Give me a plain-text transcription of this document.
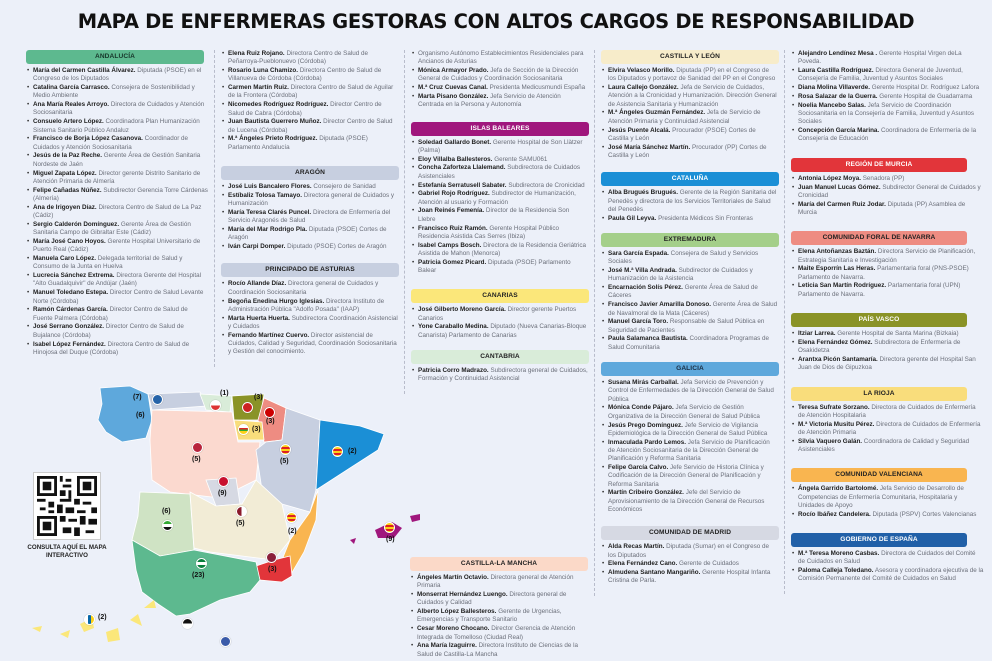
MAPA DE ENFERMERAS GESTORAS CON ALTOS CARGOS DE RESPONSABILIDAD
ANDALUCÍA
• María del Carmen Castilla Álvarez. Diputada (PSOE) en el Congreso de los Diputados
• Catalina García Carrasco. Consejera de Sostenibilidad y Medio Ambiente
• Ana María Reales Arroyo. Directora de Cuidados y Atención Sociosanitaria
• Consuelo Artero López. Coordinadora Plan Humanización Sistema Sanitario Público Andaluz
• Francisco de Borja López Casanova. Coordinador de Cuidados y Atención Sociosanitaria
• Jesús de la Paz Reche. Gerente Área de Gestión Sanitaria Nordeste de Jaén
• Miguel Zapata López. Director gerente Distrito Sanitario de Atención Primaria de Almería
• Felipe Cañadas Núñez. Subdirector Gerencia Torre Cárdenas (Almería)
• Ana de Irigoyen Díaz. Directora Centro de Salud de La Paz (Cádiz)
• Sergio Calderón Domínguez. Gerente Área de Gestión Sanitaria Campo de Gibraltar Este (Cádiz)
• María José Cano Hoyos. Gerente Hospital Universitario de Puerto Real (Cádiz)
• Manuela Caro López. Delegada territorial de Salud y Consumo de la Junta en Huelva
• Lucrecia Sánchez Extrema. Directora Gerente del Hospital "Alto Guadalquivir" de Andújar (Jaén)
• Manuel Toledano Estepa. Director Centro de Salud Levante Norte (Córdoba)
• Ramón Cárdenas García. Director Centro de Salud de Fuente Palmera (Córdoba)
• José Serrano González. Director Centro de Salud de Bujalance (Córdoba)
• Isabel López Fernández. Directora Centro de Salud de Hinojosa del Duque (Córdoba)
• Elena Ruiz Rojano. Directora Centro de Salud de Peñarroya-Pueblonuevo (Córdoba)
• Rosario Luna Chamizo. Directora Centro de Salud de Villanueva de Córdoba (Córdoba)
• Carmen Martín Ruiz. Directora Centro de Salud de Aguilar de la Frontera (Córdoba)
• Nicomedes Rodríguez Rodríguez. Director Centro de Salud de Cabra (Córdoba)
• Juan Bautista Guerrero Muñoz. Director Centro de Salud de Lucena (Córdoba)
• M.ª Ángeles Prieto Rodríguez. Diputada (PSOE) Parlamento Andalucía
ARAGÓN
• José Luis Bancalero Flores. Consejero de Sanidad
• Estíbaliz Tolosa Tamayo. Directora general de Cuidados y Humanización
• María Teresa Clarés Puncel. Directora de Enfermería del Servicio Aragonés de Salud
• María del Mar Rodrigo Pla. Diputada (PSOE) Cortes de Aragón
• Iván Carpi Domper. Diputado (PSOE) Cortes de Aragón
PRINCIPADO DE ASTURIAS
• Rocío Allande Díaz. Directora general de Cuidados y Coordinación Sociosanitaria
• Begoña Enedina Hurgo Iglesias. Directora Instituto de Administración Pública "Adolfo Posada" (IAAP)
• Marta Huerta Huerta. Subdirectora Coordinación Asistencial y Cuidados
• Fernando Martínez Cuervo. Director asistencial de Cuidados, Calidad y Seguridad, Coordinación Sociosanitaria y Gestión del conocimiento.
• Organismo Autónomo Establecimientos Residenciales para Ancianos de Asturias
• Mónica Armayor Prado. Jefa de Sección de la Dirección General de Cuidados y Coordinación Sociosanitaria
• M.ª Cruz Cuevas Canal. Presidenta Medicusmundi España
• Marta Pisano González. Jefa Servicio de Atención Centrada en la Persona y Autonomía
ISLAS BALEARES
• Soledad Gallardo Bonet. Gerente Hospital de Son Llàtzer (Palma)
• Eloy Villalba Ballesteros. Gerente SAMU061
• Concha Zaforteza Llalemand. Subdirectora de Cuidados Asistenciales
• Estefanía Serratusell Sabater. Subdirectora de Cronicidad
• Gabriel Rojo Rodríguez. Subdirector de Humanización, Atención al usuario y Formación
• Joan Reinés Femenía. Director de la Residencia Son Llebre
• Francisco Ruiz Ramón. Gerente Hospital Público Residencia Asistida Cas Serres (Ibiza)
• Isabel Camps Bosch. Directora de la Residencia Geriátrica Asistida de Mahon (Menorca)
• Patricia Gomez Picard. Diputada (PSOE) Parlamento Balear
CANARIAS
• José Gilberto Moreno García. Director gerente Puertos Canarios
• Yone Caraballo Medina. Diputado (Nueva Canarias-Bloque Canarista) Parlamento de Canarias
CANTABRIA
• Patricia Corro Madrazo. Subdirectora general de Cuidados, Formación y Continuidad Asistencial
CASTILLA-LA MANCHA
• Ángeles Martín Octavio. Directora general de Atención Primaria
• Monserrat Hernández Luengo. Directora general de Cuidados y Calidad
• Alberto López Ballesteros. Gerente de Urgencias, Emergencias y Transporte Sanitario
• Cesar Moreno Chocano. Director Gerencia de Atención Integrada de Tomelloso (Ciudad Real)
• Ana María Izaguirre. Directora Instituto de Ciencias de la Salud de Castilla-La Mancha
CASTILLA Y LEÓN
• Elvira Velasco Morillo. Diputada (PP) en el Congreso de los Diputados y portavoz de Sanidad del PP en el Congreso
• Laura Callejo González. Jefa de Servicio de Cuidados, Atención a la Cronicidad y Humanización. Dirección General de Asistencia Sanitaria y Humanización
• M.ª Ángeles Guzmán Fernández. Jefa de Servicio de Atención Primaria y Continuidad Asistencial
• Jesús Puente Alcalá. Procurador (PSOE) Cortes de Castilla y León
• José María Sánchez Martín. Procurador (PP) Cortes de Castilla y León
CATALUÑA
• Alba Brugués Brugués. Gerente de la Región Sanitaria del Penedès y directora de los Servicios Territoriales de Salud del Penedès
• Paula Gil Leyva. Presidenta Médicos Sin Fronteras
EXTREMADURA
• Sara García Espada. Consejera de Salud y Servicios Sociales
• José M.ª Villa Andrada. Subdirector de Cuidados y Humanización de la Asistencia
• Encarnación Solís Pérez. Gerente Área de Salud de Cáceres
• Francisco Javier Amarilla Donoso. Gerente Área de Salud de Navalmoral de la Mata (Cáceres)
• Manuel García Toro. Responsable de Salud Pública en Seguridad de Pacientes
• Paula Salamanca Bautista. Coordinadora Programas de Salud Comunitaria
GALICIA
• Susana Mirás Carballal. Jefa Servicio de Prevención y Control de Enfermedades de la Dirección General de Salud Pública
• Mónica Conde Pájaro. Jefa Servicio de Gestión Organizativa de la Dirección General de Salud Pública
• Jesús Prego Domínguez. Jefe Servicio de Vigilancia Epidemiológica de la Dirección General de Salud Pública
• Inmaculada Pardo Lemos. Jefa Servicio de Planificación de Atención Sociosanitaria de la Dirección General de Planificación y Reforma Sanitaria
• Felipe García Calvo. Jefe Servicio de Historia Clínica y Codificación de la Dirección General de Planificación y Reforma Sanitaria
• Martín Cribeiro González. Jefe del Servicio de Aprovisionamiento de la Dirección General de Recursos Económicos
COMUNIDAD DE MADRID
• Alda Recas Martín. Diputada (Sumar) en el Congreso de los Diputados
• Elena Fernández Cano. Gerente de Cuidados
• Almudena Santano Mangariño. Gerente Hospital Infanta Cristina de Parla.
• Alejandro Lendínez Mesa . Gerente Hospital Virgen deLa Poveda.
• Laura Castilla Rodríguez. Directora General de Juventud, Consejería de Familia, Juventud y Asuntos Sociales
• Diana Molina Villaverde. Gerente Hospital Dr. Rodríguez Lafora
• Rosa Salazar de la Guerra. Gerente Hospital de Guadarrama
• Noelia Mancebo Salas. Jefa Servicio de Coordinación Sociosanitaria en la Consejería de Familia, Juventud y Asuntos Sociales
• Concepción García Marina. Coordinadora de Enfermería de la Consejería de Educación
REGIÓN DE MURCIA
• Antonia López Moya. Senadora (PP)
• Juan Manuel Lucas Gómez. Subdirector General de Cuidados y Cronicidad
• María del Carmen Ruiz Jodar. Diputada (PP) Asamblea de Murcia
COMUNIDAD FORAL DE NAVARRA
• Elena Antoñanzas Baztán. Directora Servicio de Planificación, Estrategia Sanitaria e Investigación
• Maite Esporrín Las Heras. Parlamentaria foral (PNS-PSOE) Parlamento de Navarra.
• Leticia San Martín Rodríguez. Parlamentaria foral (UPN) Parlamento de Navarra.
PAÍS VASCO
• Itziar Larrea. Gerente Hospital de Santa Marina (Bizkaia)
• Elena Fernández Gómez. Subdirectora de Enfermería de Osakidetza
• Arantxa Picón Santamaría. Directora gerente del Hospital San Juan de Dios de Gipuzkoa
LA RIOJA
• Teresa Sufrate Sorzano. Directora de Cuidados de Enfermería de Atención Hospitalaria
• M.ª Victoria Musitu Pérez. Directora de Cuidados de Enfermería de Atención Primaria
• Silvia Vaquero Galán. Coordinadora de Calidad y Seguridad Asistenciales
COMUNIDAD VALENCIANA
• Ángela Garrido Bartolomé. Jefa Servicio de Desarrollo de Competencias de Enfermería Comunitaria, Hospitalaria y Unidades de Apoyo
• Rocío Ibáñez Candelera. Diputada (PSPV) Cortes Valencianas
GOBIERNO DE ESPAÑA
• M.ª Teresa Moreno Casbas. Directora de Cuidados del Comité de Cuidados en Salud
• Paloma Calleja Toledano. Asesora y coordinadora ejecutiva de la Comisión Permanente del Comité de Cuidados en Salud
(7)
(1)
(3)
(3)
(3)
(6)
(5)	(5)
(2)
(9)
(6)
(5)
(2)
(9)
(3)
(23)
(2)
CONSULTA AQUÍ EL MAPA INTERACTIVO
